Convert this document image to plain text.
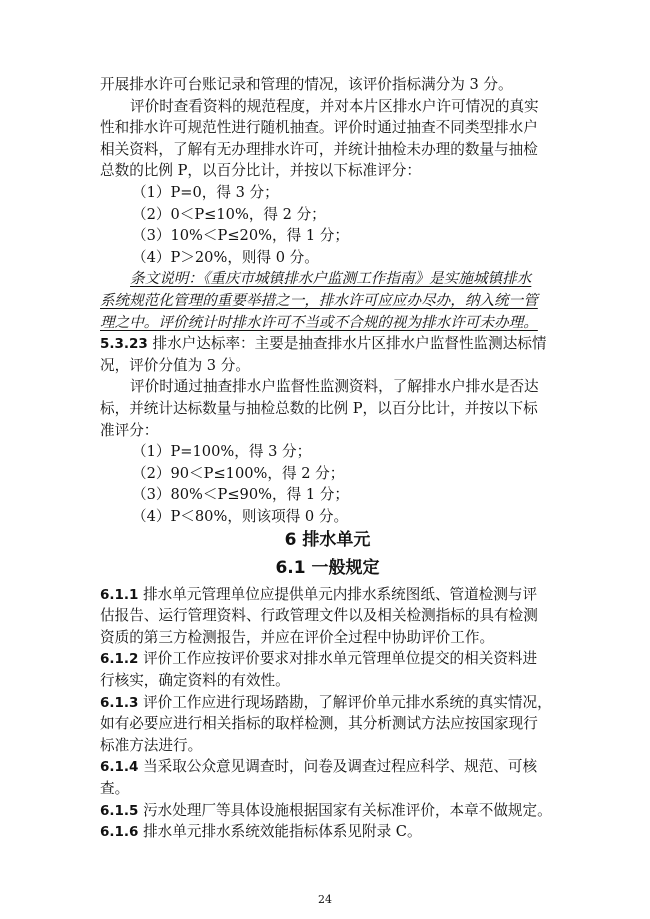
开展排水许可台账记录和管理的情况，该评价指标满分为 3 分。
评价时查看资料的规范程度，并对本片区排水户许可情况的真实
性和排水许可规范性进行随机抽查。评价时通过抽查不同类型排水户
相关资料，了解有无办理排水许可，并统计抽检未办理的数量与抽检
总数的比例 P，以百分比计，并按以下标准评分：
（1）P=0，得 3 分；
（2）0＜P≤10%，得 2 分；
（3）10%＜P≤20%，得 1 分；
（4）P＞20%，则得 0 分。
条文说明：《重庆市城镇排水户监测工作指南》是实施城镇排水
系统规范化管理的重要举措之一，排水许可应应办尽办，纳入统一管
理之中。评价统计时排水许可不当或不合规的视为排水许可未办理。
5.3.23 排水户达标率：主要是抽查排水片区排水户监督性监测达标情
况，评价分值为 3 分。
评价时通过抽查排水户监督性监测资料，了解排水户排水是否达
标，并统计达标数量与抽检总数的比例 P，以百分比计，并按以下标
准评分：
（1）P=100%，得 3 分；
（2）90＜P≤100%，得 2 分；
（3）80%＜P≤90%，得 1 分；
（4）P＜80%，则该项得 0 分。
6 排水单元
6.1 一般规定
6.1.1 排水单元管理单位应提供单元内排水系统图纸、管道检测与评
估报告、运行管理资料、行政管理文件以及相关检测指标的具有检测
资质的第三方检测报告，并应在评价全过程中协助评价工作。
6.1.2 评价工作应按评价要求对排水单元管理单位提交的相关资料进
行核实，确定资料的有效性。
6.1.3 评价工作应进行现场踏勘，了解评价单元排水系统的真实情况，
如有必要应进行相关指标的取样检测，其分析测试方法应按国家现行
标准方法进行。
6.1.4 当采取公众意见调查时，问卷及调查过程应科学、规范、可核
查。
6.1.5 污水处理厂等具体设施根据国家有关标准评价，本章不做规定。
24
6.1.6 排水单元排水系统效能指标体系见附录 C。
